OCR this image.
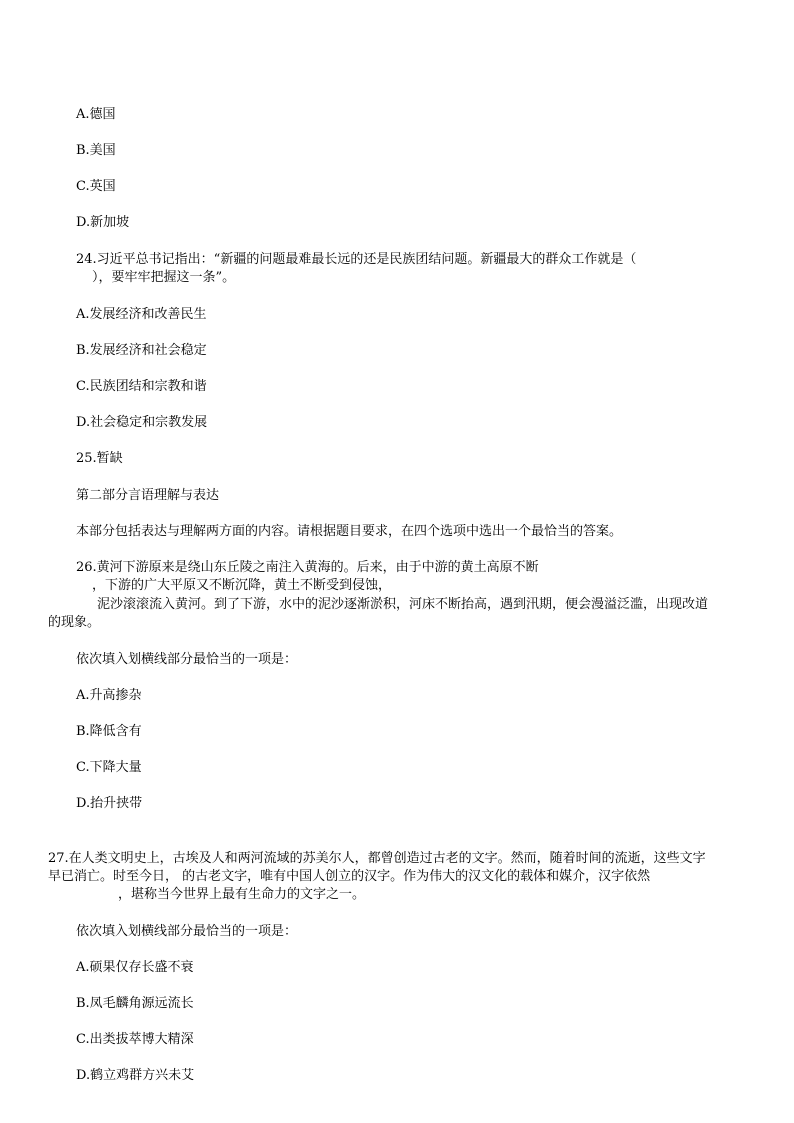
A.德国
B.美国
C.英国
D.新加坡
24.习近平总书记指出：“新疆的问题最难最长远的还是民族团结问题。新疆最大的群众工作就是（
），要牢牢把握这一条”。
A.发展经济和改善民生
B.发展经济和社会稳定
C.民族团结和宗教和谐
D.社会稳定和宗教发展
25.暂缺
第二部分言语理解与表达
本部分包括表达与理解两方面的内容。请根据题目要求，在四个选项中选出一个最恰当的答案。
26.黄河下游原来是绕山东丘陵之南注入黄海的。后来，由于中游的黄土高原不断
，下游的广大平原又不断沉降，黄土不断受到侵蚀，
泥沙滚滚流入黄河。到了下游，水中的泥沙逐渐淤积，河床不断抬高，遇到汛期，便会漫溢泛滥，出现改道
的现象。
依次填入划横线部分最恰当的一项是：
A.升高掺杂
B.降低含有
C.下降大量
D.抬升挟带
27.在人类文明史上，古埃及人和两河流域的苏美尔人，都曾创造过古老的文字。然而，随着时间的流逝，这些文字
早已消亡。时至今日， 的古老文字，唯有中国人创立的汉字。作为伟大的汉文化的载体和媒介，汉字依然
，堪称当今世界上最有生命力的文字之一。
依次填入划横线部分最恰当的一项是：
A.硕果仅存长盛不衰
B.凤毛麟角源远流长
C.出类拔萃博大精深
D.鹤立鸡群方兴未艾
